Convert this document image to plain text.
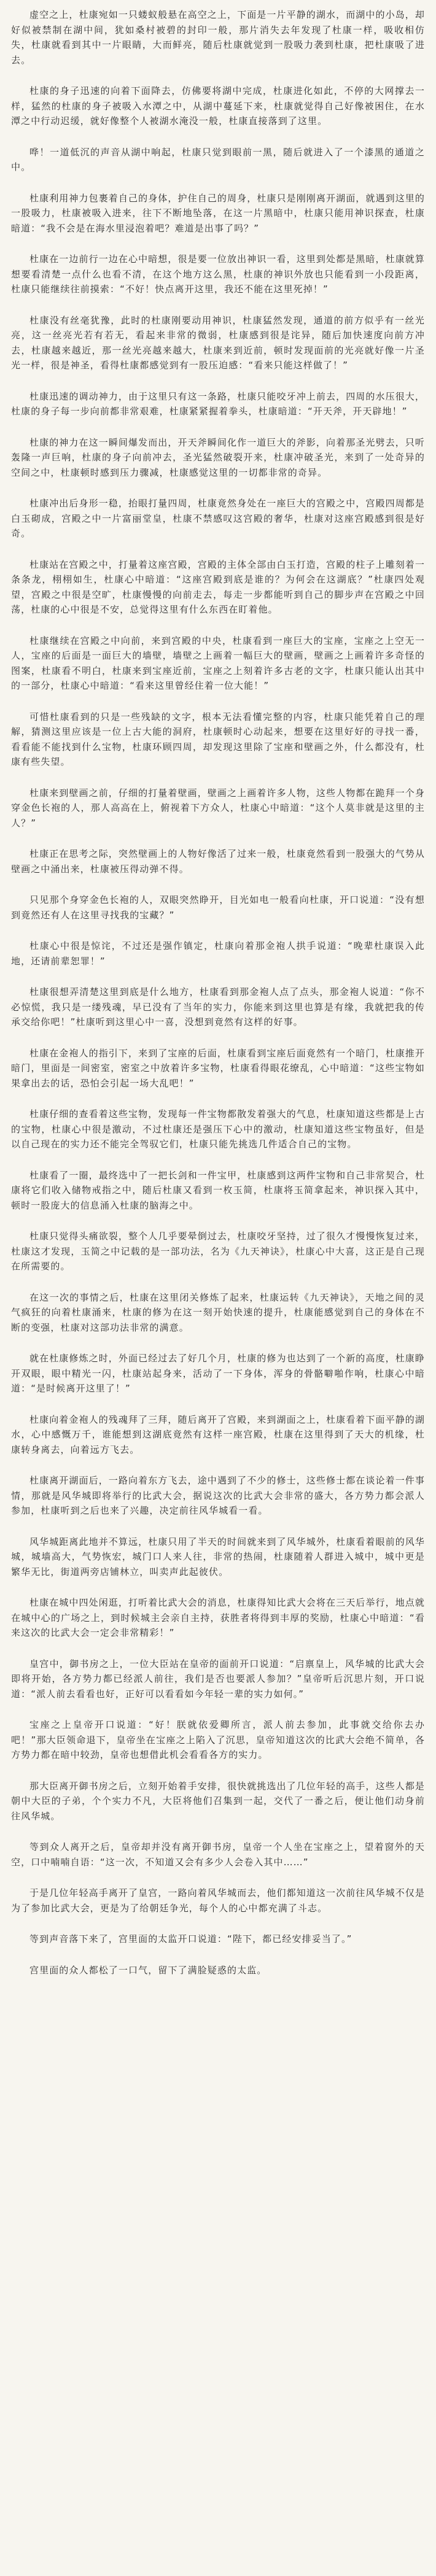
虚空之上，杜康宛如一只蝼蚁般悬在高空之上，下面是一片平静的湖水，而湖中的小岛，却好似被禁制在湖中间，犹如桑村被碧的封印一般，那片消失去年发现了杜康一样，吸收相仿失，杜康就看到其中一片眼睛，大而鲜亮，随后杜康就觉到一股吸力袭到杜康，把杜康吸了进去。

杜康的身子迅速的向着下面降去，仿佛要将湖中完成，杜康进化如此，不停的大网撑去一样，猛然的杜康的身子被吸入水潭之中，从湖中蔓延下来，杜康就觉得自己好像被困住，在水潭之中行动迟缓，就好像整个人被湖水淹没一般，杜康直接落到了这里。

哗！一道低沉的声音从湖中响起，杜康只觉到眼前一黑，随后就进入了一个漆黑的通道之中。

杜康利用神力包裹着自己的身体，护住自己的周身，杜康只是刚刚离开湖面，就遇到这里的一股吸力，杜康被吸入进来，往下不断地坠落，在这一片黑暗中，杜康只能用神识探查，杜康暗道：“我不会是在海水里浸泡着吧？难道是出事了吗？”

杜康在一边前行一边在心中暗想，很是要一位放出神识一看，这里到处都是黑暗，杜康就算想要看清楚一点什么也看不清，在这个地方这么黑，杜康的神识外放也只能看到一小段距离，杜康只能继续往前摸索：“不好！快点离开这里，我还不能在这里死掉！”

杜康没有丝毫犹豫，此时的杜康刚要动用神识，杜康猛然发现，通道的前方似乎有一丝光亮，这一丝亮光若有若无，看起来非常的微弱，杜康感到很是诧异，随后加快速度向前方冲去，杜康越来越近，那一丝光亮越来越大，杜康来到近前，顿时发现面前的光亮就好像一片圣光一样，很是神圣，看得杜康都感觉到有一股压迫感：“看来只能这样做了！”

杜康迅速的调动神力，由于这里只有这一条路，杜康只能咬牙冲上前去，四周的水压很大，杜康的身子每一步向前都非常艰难，杜康紧紧握着拳头，杜康暗道：“开天斧，开天辟地！”

杜康的神力在这一瞬间爆发而出，开天斧瞬间化作一道巨大的斧影，向着那圣光劈去，只听轰隆一声巨响，杜康的身子向前冲去，圣光猛然破裂开来，杜康冲破圣光，来到了一处奇异的空间之中，杜康顿时感到压力骤减，杜康感觉这里的一切都非常的奇异。

杜康冲出后身形一稳，抬眼打量四周，杜康竟然身处在一座巨大的宫殿之中，宫殿四周都是白玉砌成，宫殿之中一片富丽堂皇，杜康不禁感叹这宫殿的奢华，杜康对这座宫殿感到很是好奇。

杜康站在宫殿之中，打量着这座宫殿，宫殿的主体全部由白玉打造，宫殿的柱子上雕刻着一条条龙，栩栩如生，杜康心中暗道：“这座宫殿到底是谁的？为何会在这湖底？”杜康四处观望，宫殿之中很是空旷，杜康慢慢的向前走去，每走一步都能听到自己的脚步声在宫殿之中回荡，杜康的心中很是不安，总觉得这里有什么东西在盯着他。

杜康继续在宫殿之中向前，来到宫殿的中央，杜康看到一座巨大的宝座，宝座之上空无一人，宝座的后面是一面巨大的墙壁，墙壁之上画着一幅巨大的壁画，壁画之上画着许多奇怪的图案，杜康看不明白，杜康来到宝座近前，宝座之上刻着许多古老的文字，杜康只能认出其中的一部分，杜康心中暗道：“看来这里曾经住着一位大能！”

可惜杜康看到的只是一些残缺的文字，根本无法看懂完整的内容，杜康只能凭着自己的理解，猜测这里应该是一位上古大能的洞府，杜康顿时心动起来，想要在这里好好的寻找一番，看看能不能找到什么宝物，杜康环顾四周，却发现这里除了宝座和壁画之外，什么都没有，杜康有些失望。

杜康来到壁画之前，仔细的打量着壁画，壁画之上画着许多人物，这些人物都在跪拜一个身穿金色长袍的人，那人高高在上，俯视着下方众人，杜康心中暗道：“这个人莫非就是这里的主人？”

杜康正在思考之际，突然壁画上的人物好像活了过来一般，杜康竟然看到一股强大的气势从壁画之中涌出来，杜康被压得动弹不得。

只见那个身穿金色长袍的人，双眼突然睁开，目光如电一般看向杜康，开口说道：“没有想到竟然还有人在这里寻找我的宝藏？”

杜康心中很是惊诧，不过还是强作镇定，杜康向着那金袍人拱手说道：“晚辈杜康误入此地，还请前辈恕罪！”

杜康很想弄清楚这里到底是什么地方，杜康看到那金袍人点了点头，那金袍人说道：“你不必惊慌，我只是一缕残魂，早已没有了当年的实力，你能来到这里也算是有缘，我就把我的传承交给你吧！”杜康听到这里心中一喜，没想到竟然有这样的好事。

杜康在金袍人的指引下，来到了宝座的后面，杜康看到宝座后面竟然有一个暗门，杜康推开暗门，里面是一间密室，密室之中放着许多宝物，杜康看得眼花缭乱，心中暗道：“这些宝物如果拿出去的话，恐怕会引起一场大乱吧！”

杜康仔细的查看着这些宝物，发现每一件宝物都散发着强大的气息，杜康知道这些都是上古的宝物，杜康心中很是激动，不过杜康还是强压下心中的激动，杜康知道这些宝物虽好，但是以自己现在的实力还不能完全驾驭它们，杜康只能先挑选几件适合自己的宝物。

杜康看了一圈，最终选中了一把长剑和一件宝甲，杜康感到这两件宝物和自己非常契合，杜康将它们收入储物戒指之中，随后杜康又看到一枚玉简，杜康将玉简拿起来，神识探入其中，顿时一股庞大的信息涌入杜康的脑海之中。

杜康只觉得头痛欲裂，整个人几乎要晕倒过去，杜康咬牙坚持，过了很久才慢慢恢复过来，杜康这才发现，玉简之中记载的是一部功法，名为《九天神诀》，杜康心中大喜，这正是自己现在所需要的。

在这一次的事情之后，杜康在这里闭关修炼了起来，杜康运转《九天神诀》，天地之间的灵气疯狂的向着杜康涌来，杜康的修为在这一刻开始快速的提升，杜康能感觉到自己的身体在不断的变强，杜康对这部功法非常的满意。

就在杜康修炼之时，外面已经过去了好几个月，杜康的修为也达到了一个新的高度，杜康睁开双眼，眼中精光一闪，杜康站起身来，活动了一下身体，浑身的骨骼噼啪作响，杜康心中暗道：“是时候离开这里了！”

杜康向着金袍人的残魂拜了三拜，随后离开了宫殿，来到湖面之上，杜康看着下面平静的湖水，心中感慨万千，谁能想到这湖底竟然有这样一座宫殿，杜康在这里得到了天大的机缘，杜康转身离去，向着远方飞去。

杜康离开湖面后，一路向着东方飞去，途中遇到了不少的修士，这些修士都在谈论着一件事情，那就是风华城即将举行的比武大会，据说这次的比武大会非常的盛大，各方势力都会派人参加，杜康听到之后也来了兴趣，决定前往风华城看一看。

风华城距离此地并不算远，杜康只用了半天的时间就来到了风华城外，杜康看着眼前的风华城，城墙高大，气势恢宏，城门口人来人往，非常的热闹，杜康随着人群进入城中，城中更是繁华无比，街道两旁店铺林立，叫卖声此起彼伏。

杜康在城中四处闲逛，打听着比武大会的消息，杜康得知比武大会将在三天后举行，地点就在城中心的广场之上，到时候城主会亲自主持，获胜者将得到丰厚的奖励，杜康心中暗道：“看来这次的比武大会一定会非常精彩！”

皇宫中，御书房之上，一位大臣站在皇帝的面前开口说道：“启禀皇上，风华城的比武大会即将开始，各方势力都已经派人前往，我们是否也要派人参加？”皇帝听后沉思片刻，开口说道：“派人前去看看也好，正好可以看看如今年轻一辈的实力如何。”

宝座之上皇帝开口说道：“好！朕就依爱卿所言，派人前去参加，此事就交给你去办吧！”那大臣领命退下，皇帝坐在宝座之上陷入了沉思，皇帝知道这次的比武大会绝不简单，各方势力都在暗中较劲，皇帝也想借此机会看看各方的实力。

那大臣离开御书房之后，立刻开始着手安排，很快就挑选出了几位年轻的高手，这些人都是朝中大臣的子弟，个个实力不凡，大臣将他们召集到一起，交代了一番之后，便让他们动身前往风华城。

等到众人离开之后，皇帝却并没有离开御书房，皇帝一个人坐在宝座之上，望着窗外的天空，口中喃喃自语：“这一次，不知道又会有多少人会卷入其中……”

于是几位年轻高手离开了皇宫，一路向着风华城而去，他们都知道这一次前往风华城不仅是为了参加比武大会，更是为了给朝廷争光，每个人的心中都充满了斗志。

等到声音落下来了，宫里面的太监开口说道：“陛下，都已经安排妥当了。”

宫里面的众人都松了一口气，留下了满脸疑惑的太监。
